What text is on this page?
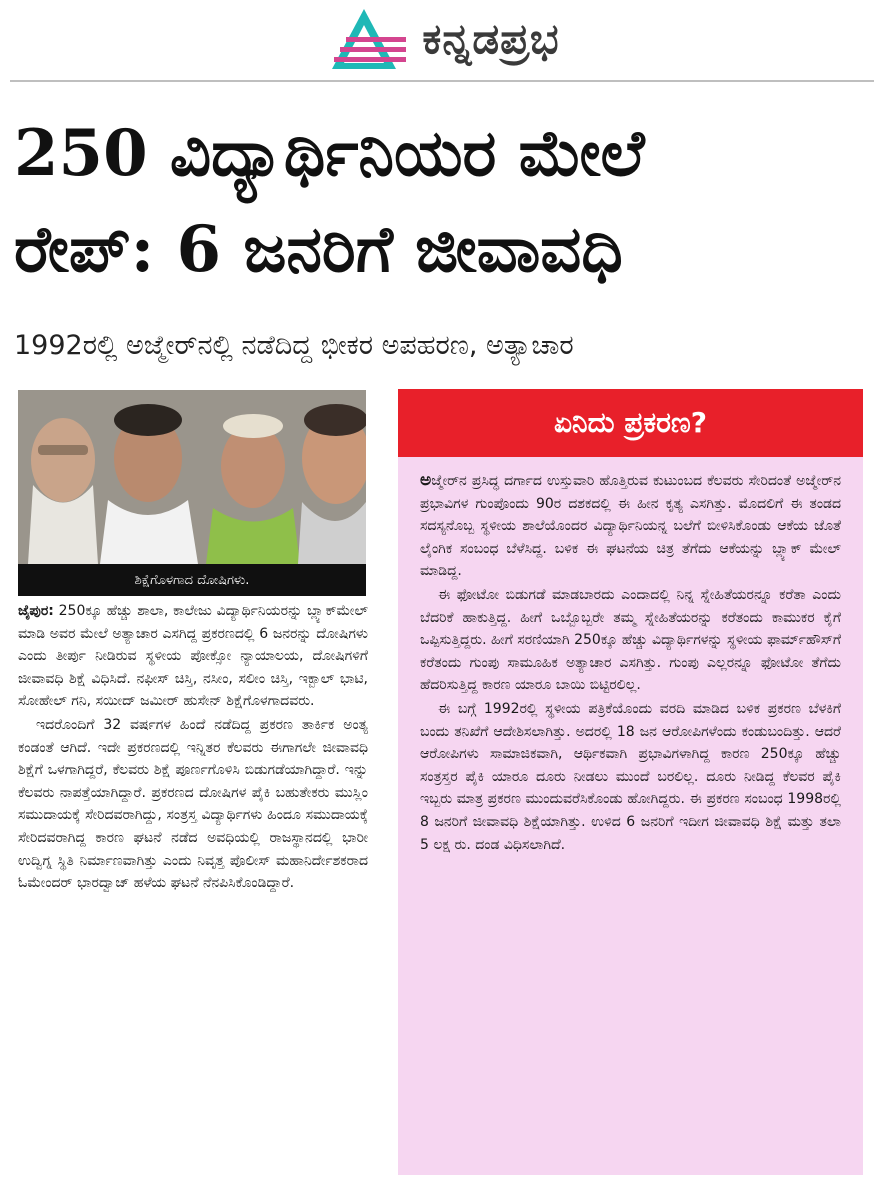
ಕನ್ನಡಪ್ರಭ
250 ವಿದ್ಯಾರ್ಥಿನಿಯರ ಮೇಲೆ
ರೇಪ್: 6 ಜನರಿಗೆ ಜೀವಾವಧಿ
1992ರಲ್ಲಿ ಅಜ್ಮೇರ್‌ನಲ್ಲಿ ನಡೆದಿದ್ದ ಭೀಕರ ಅಪಹರಣ, ಅತ್ಯಾಚಾರ
ಶಿಕ್ಷೆಗೊಳಗಾದ ದೋಷಿಗಳು.

ಜೈಪುರ: 250ಕ್ಕೂ ಹೆಚ್ಚು ಶಾಲಾ, ಕಾಲೇಜು ವಿದ್ಯಾರ್ಥಿನಿಯರನ್ನು ಬ್ಲ್ಯಾಕ್‌ಮೇಲ್ ಮಾಡಿ ಅವರ ಮೇಲೆ ಅತ್ಯಾಚಾರ ಎಸಗಿದ್ದ ಪ್ರಕರಣದಲ್ಲಿ 6 ಜನರನ್ನು ದೋಷಿಗಳು ಎಂದು ತೀರ್ಪು ನೀಡಿರುವ ಸ್ಥಳೀಯ ಪೋಕ್ಸೋ ನ್ಯಾಯಾಲಯ, ದೋಷಿಗಳಿಗೆ ಜೀವಾವಧಿ ಶಿಕ್ಷೆ ವಿಧಿಸಿದೆ. ನಫೀಸ್ ಚಿಸ್ತಿ, ನಸೀಂ, ಸಲೀಂ ಚಿಸ್ತಿ, ಇಕ್ಬಾಲ್ ಭಾಟಿ, ಸೋಹೇಲ್ ಗನಿ, ಸಯೀದ್ ಜಮೀರ್ ಹುಸೇನ್ ಶಿಕ್ಷೆಗೊಳಗಾದವರು.

ಇದರೊಂದಿಗೆ 32 ವರ್ಷಗಳ ಹಿಂದೆ ನಡೆದಿದ್ದ ಪ್ರಕರಣ ತಾರ್ಕಿಕ ಅಂತ್ಯ ಕಂಡಂತೆ ಆಗಿದೆ. ಇದೇ ಪ್ರಕರಣದಲ್ಲಿ ಇನ್ನಿತರ ಕೆಲವರು ಈಗಾಗಲೇ ಜೀವಾವಧಿ ಶಿಕ್ಷೆಗೆ ಒಳಗಾಗಿದ್ದರೆ, ಕೆಲವರು ಶಿಕ್ಷೆ ಪೂರ್ಣಗೊಳಿಸಿ ಬಿಡುಗಡೆಯಾಗಿದ್ದಾರೆ. ಇನ್ನು ಕೆಲವರು ನಾಪತ್ತೆಯಾಗಿದ್ದಾರೆ. ಪ್ರಕರಣದ ದೋಷಿಗಳ ಪೈಕಿ ಬಹುತೇಕರು ಮುಸ್ಲಿಂ ಸಮುದಾಯಕ್ಕೆ ಸೇರಿದವರಾಗಿದ್ದು, ಸಂತ್ರಸ್ತ ವಿದ್ಯಾರ್ಥಿಗಳು ಹಿಂದೂ ಸಮುದಾಯಕ್ಕೆ ಸೇರಿದವರಾಗಿದ್ದ ಕಾರಣ ಘಟನೆ ನಡೆದ ಅವಧಿಯಲ್ಲಿ ರಾಜಸ್ಥಾನದಲ್ಲಿ ಭಾರೀ ಉದ್ವಿಗ್ನ ಸ್ಥಿತಿ ನಿರ್ಮಾಣವಾಗಿತ್ತು ಎಂದು ನಿವೃತ್ತ ಪೊಲೀಸ್ ಮಹಾನಿರ್ದೇಶಕರಾದ ಓಮೇಂದರ್ ಭಾರದ್ವಾಜ್ ಹಳೆಯ ಘಟನೆ ನೆನಪಿಸಿಕೊಂಡಿದ್ದಾರೆ.

ಏನಿದು ಪ್ರಕರಣ?

ಅಜ್ಮೇರ್‌ನ ಪ್ರಸಿದ್ಧ ದರ್ಗಾದ ಉಸ್ತುವಾರಿ ಹೊತ್ತಿರುವ ಕುಟುಂಬದ ಕೆಲವರು ಸೇರಿದಂತೆ ಅಜ್ಮೇರ್‌ನ ಪ್ರಭಾವಿಗಳ ಗುಂಪೊಂದು 90ರ ದಶಕದಲ್ಲಿ ಈ ಹೀನ ಕೃತ್ಯ ಎಸಗಿತ್ತು. ಮೊದಲಿಗೆ ಈ ತಂಡದ ಸದಸ್ಯನೊಬ್ಬ ಸ್ಥಳೀಯ ಶಾಲೆಯೊಂದರ ವಿದ್ಯಾರ್ಥಿನಿಯನ್ನ ಬಲೆಗೆ ಬೀಳಿಸಿಕೊಂಡು ಆಕೆಯ ಜೊತೆ ಲೈಂಗಿಕ ಸಂಬಂಧ ಬೆಳೆಸಿದ್ದ. ಬಳಿಕ ಈ ಘಟನೆಯ ಚಿತ್ರ ತೆಗೆದು ಆಕೆಯನ್ನು ಬ್ಲ್ಯಾಕ್ ಮೇಲ್ ಮಾಡಿದ್ದ.

ಈ ಫೋಟೋ ಬಿಡುಗಡೆ ಮಾಡಬಾರದು ಎಂದಾದಲ್ಲಿ ನಿನ್ನ ಸ್ನೇಹಿತೆಯರನ್ನೂ ಕರೆತಾ ಎಂದು ಬೆದರಿಕೆ ಹಾಕುತ್ತಿದ್ದ. ಹೀಗೆ ಒಬ್ಬೊಬ್ಬರೇ ತಮ್ಮ ಸ್ನೇಹಿತೆಯರನ್ನು ಕರೆತಂದು ಕಾಮುಕರ ಕೈಗೆ ಒಪ್ಪಿಸುತ್ತಿದ್ದರು. ಹೀಗೆ ಸರಣಿಯಾಗಿ 250ಕ್ಕೂ ಹೆಚ್ಚು ವಿದ್ಯಾರ್ಥಿಗಳನ್ನು ಸ್ಥಳೀಯ ಫಾರ್ಮ್‌ಹೌಸ್‌ಗೆ ಕರೆತಂದು ಗುಂಪು ಸಾಮೂಹಿಕ ಅತ್ಯಾಚಾರ ಎಸಗಿತ್ತು. ಗುಂಪು ಎಲ್ಲರನ್ನೂ ಫೋಟೋ ತೆಗೆದು ಹೆದರಿಸುತ್ತಿದ್ದ ಕಾರಣ ಯಾರೂ ಬಾಯಿ ಬಿಟ್ಟಿರಲಿಲ್ಲ.

ಈ ಬಗ್ಗೆ 1992ರಲ್ಲಿ ಸ್ಥಳೀಯ ಪತ್ರಿಕೆಯೊಂದು ವರದಿ ಮಾಡಿದ ಬಳಿಕ ಪ್ರಕರಣ ಬೆಳಕಿಗೆ ಬಂದು ತನಿಖೆಗೆ ಆದೇಶಿಸಲಾಗಿತ್ತು. ಅದರಲ್ಲಿ 18 ಜನ ಆರೋಪಿಗಳೆಂದು ಕಂಡುಬಂದಿತ್ತು. ಆದರೆ ಆರೋಪಿಗಳು ಸಾಮಾಜಿಕವಾಗಿ, ಆರ್ಥಿಕವಾಗಿ ಪ್ರಭಾವಿಗಳಾಗಿದ್ದ ಕಾರಣ 250ಕ್ಕೂ ಹೆಚ್ಚು ಸಂತ್ರಸ್ತರ ಪೈಕಿ ಯಾರೂ ದೂರು ನೀಡಲು ಮುಂದೆ ಬರಲಿಲ್ಲ. ದೂರು ನೀಡಿದ್ದ ಕೆಲವರ ಪೈಕಿ ಇಬ್ಬರು ಮಾತ್ರ ಪ್ರಕರಣ ಮುಂದುವರೆಸಿಕೊಂಡು ಹೋಗಿದ್ದರು. ಈ ಪ್ರಕರಣ ಸಂಬಂಧ 1998ರಲ್ಲಿ 8 ಜನರಿಗೆ ಜೀವಾವಧಿ ಶಿಕ್ಷೆಯಾಗಿತ್ತು. ಉಳಿದ 6 ಜನರಿಗೆ ಇದೀಗ ಜೀವಾವಧಿ ಶಿಕ್ಷೆ ಮತ್ತು ತಲಾ 5 ಲಕ್ಷ ರು. ದಂಡ ವಿಧಿಸಲಾಗಿದೆ.
